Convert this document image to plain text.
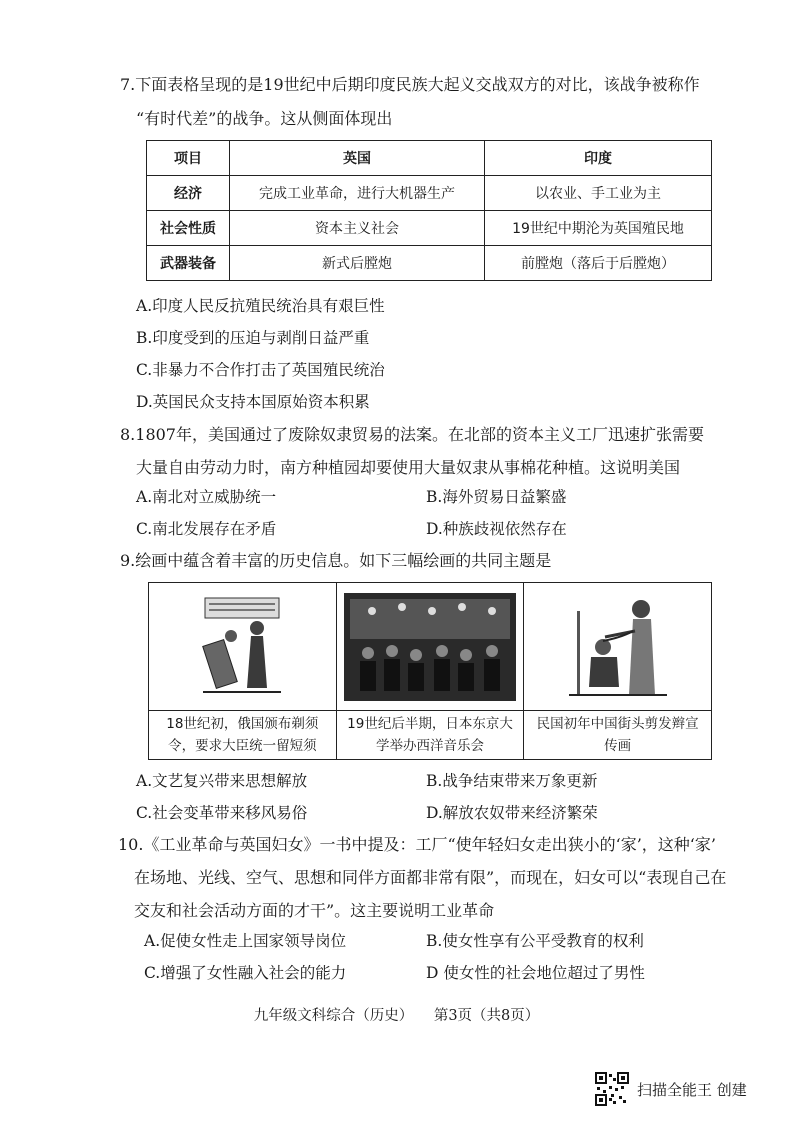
7.下面表格呈现的是19世纪中后期印度民族大起义交战双方的对比，该战争被称作
“有时代差”的战争。这从侧面体现出
项目	英国	印度
经济	完成工业革命，进行大机器生产	以农业、手工业为主
社会性质	资本主义社会	19世纪中期沦为英国殖民地
武器装备	新式后膛炮	前膛炮（落后于后膛炮）
A.印度人民反抗殖民统治具有艰巨性
B.印度受到的压迫与剥削日益严重
C.非暴力不合作打击了英国殖民统治
D.英国民众支持本国原始资本积累
8.1807年，美国通过了废除奴隶贸易的法案。在北部的资本主义工厂迅速扩张需要
大量自由劳动力时，南方种植园却要使用大量奴隶从事棉花种植。这说明美国
A.南北对立威胁统一	B.海外贸易日益繁盛
C.南北发展存在矛盾	D.种族歧视依然存在
9.绘画中蕴含着丰富的历史信息。如下三幅绘画的共同主题是
18世纪初，俄国颁布剃须令，要求大臣统一留短须
19世纪后半期，日本东京大学举办西洋音乐会
民国初年中国街头剪发辫宣传画
A.文艺复兴带来思想解放	B.战争结束带来万象更新
C.社会变革带来移风易俗	D.解放农奴带来经济繁荣
10.《工业革命与英国妇女》一书中提及：工厂“使年轻妇女走出狭小的‘家’，这种‘家’
在场地、光线、空气、思想和同伴方面都非常有限”，而现在，妇女可以“表现自己在
交友和社会活动方面的才干”。这主要说明工业革命
A.促使女性走上国家领导岗位	B.使女性享有公平受教育的权利
C.增强了女性融入社会的能力	D 使女性的社会地位超过了男性
九年级文科综合（历史） 第3页（共8页）
扫描全能王 创建
